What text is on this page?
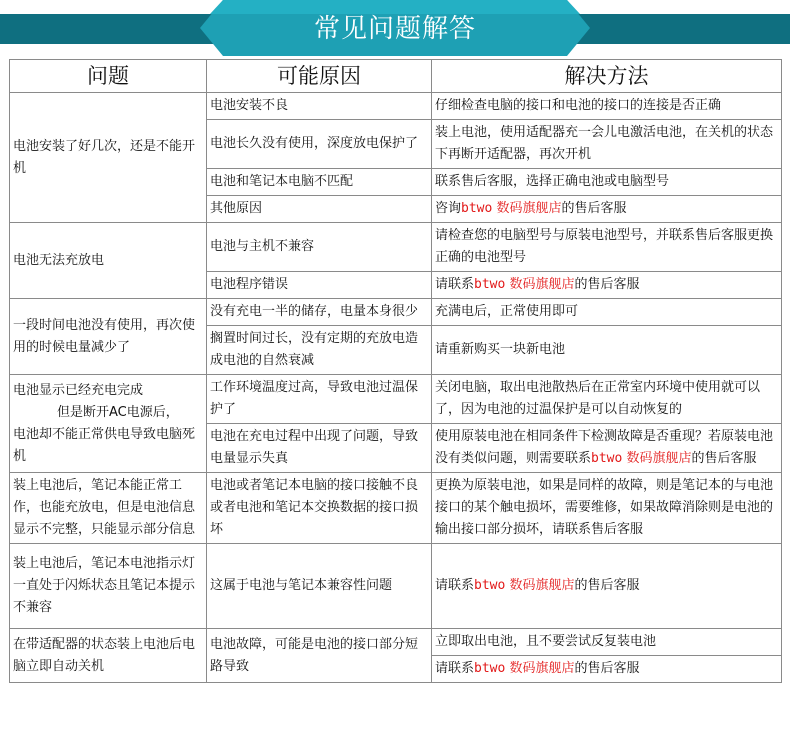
常见问题解答
问题	可能原因	解决方法
电池安装了好几次，还是不能开机	电池安装不良	仔细检查电脑的接口和电池的接口的连接是否正确
	电池长久没有使用，深度放电保护了	装上电池，使用适配器充一会儿电激活电池，在关机的状态下再断开适配器，再次开机
	电池和笔记本电脑不匹配	联系售后客服，选择正确电池或电脑型号
	其他原因	咨询btwo 数码旗舰店的售后客服
电池无法充放电	电池与主机不兼容	请检查您的电脑型号与原装电池型号，并联系售后客服更换正确的电池型号
	电池程序错误	请联系btwo 数码旗舰店的售后客服
一段时间电池没有使用，再次使用的时候电量减少了	没有充电一半的储存，电量本身很少	充满电后，正常使用即可
	搁置时间过长，没有定期的充放电造成电池的自然衰减	请重新购买一块新电池
电池显示已经充电完成

但是断开AC电源后，
电池却不能正常供电导致电脑死机	工作环境温度过高，导致电池过温保护了	关闭电脑，取出电池散热后在正常室内环境中使用就可以了，因为电池的过温保护是可以自动恢复的
	电池在充电过程中出现了问题，导致电量显示失真	使用原装电池在相同条件下检测故障是否重现？若原装电池没有类似问题，则需要联系btwo 数码旗舰店的售后客服
装上电池后，笔记本能正常工作，也能充放电，但是电池信息显示不完整，只能显示部分信息	电池或者笔记本电脑的接口接触不良或者电池和笔记本交换数据的接口损坏	更换为原装电池，如果是同样的故障，则是笔记本的与电池接口的某个触电损坏，需要维修，如果故障消除则是电池的输出接口部分损坏，请联系售后客服
装上电池后，笔记本电池指示灯一直处于闪烁状态且笔记本提示不兼容	这属于电池与笔记本兼容性问题	请联系btwo 数码旗舰店的售后客服
在带适配器的状态装上电池后电脑立即自动关机	电池故障，可能是电池的接口部分短路导致	立即取出电池，且不要尝试反复装电池
		请联系btwo 数码旗舰店的售后客服
